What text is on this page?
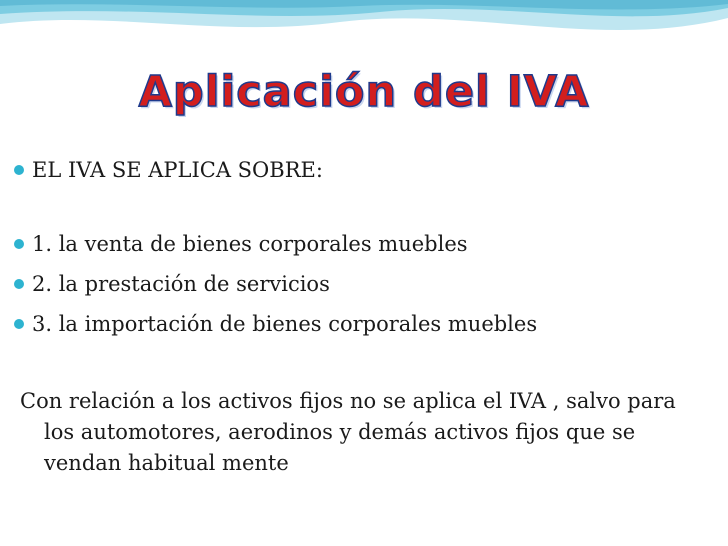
Aplicación del IVA
EL IVA SE APLICA SOBRE:
1. la venta de bienes corporales muebles
2. la prestación de servicios
3. la importación de bienes corporales muebles
Con relación a los activos fijos no se aplica el IVA , salvo para los automotores, aerodinos y demás activos fijos que se vendan habitual mente
